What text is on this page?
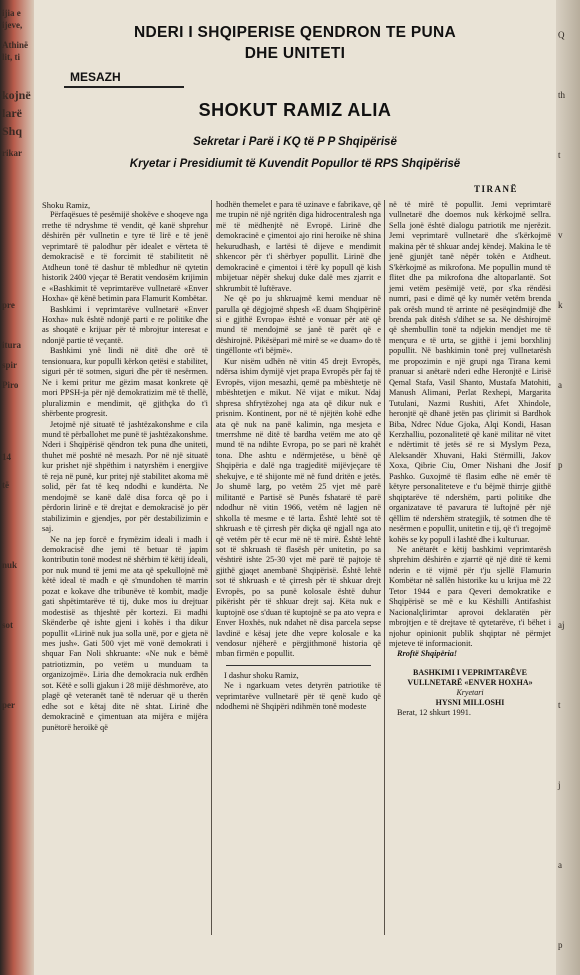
ijia e
ijeve,
Athinë
lit, ti
kojnë
larë
Shq
rikar
pre
itura
spir
Piro
14
të
nuk
sot
per
Q
th
t
v
k
a
p
aj
t
j
a
p
NDERI I SHQIPERISE QENDRON TE PUNA
DHE UNITETI
MESAZH
SHOKUT RAMIZ ALIA
Sekretar i Parë i KQ të P P Shqipërisë
Kryetar i Presidiumit të Kuvendit Popullor të RPS Shqipërisë
TIRANË

Shoku Ramiz,

Përfaqësues të pesëmijë shokëve e shoqeve nga rrethe të ndryshme të vendit, që kanë shprehur dëshirën për vullnetin e tyre të lirë e të jenë veprimtarë të palodhur për idealet e vërteta të demokracisë e të forcimit të stabilitetit në Atdheun tonë të dashur të mbledhur në qytetin historik 2400 vjeçar të Beratit vendosëm krijimin e «Bashkimit të veprimtarëve vullnetarë «Enver Hoxha» që kënë betimin para Flamurit Kombëtar.

Bashkimi i veprimtarëve vullnetarë «Enver Hoxha» nuk është ndonjë parti e re politike dhe as shoqatë e krijuar për të mbrojtur interesat e ndonjë partie të veçantë.

Bashkimi ynë lindi në ditë dhe orë të tensionuara, kur populli kërkon qetësi e stabilitet, siguri për të sotmen, siguri dhe për të nesërmen. Ne i kemi pritur me gëzim masat konkrete që mori PPSH-ja për një demokratizim më të thellë, pluralizmin e mendimit, që gjithçka do t'i shërbente progresit.

Jetojmë një situatë të jashtëzakonshme e cila mund të përballohet me punë të jashtëzakonshme. Nderi i Shqipërisë qëndron tek puna dhe uniteti, thuhet më poshtë në mesazh. Por në një situatë kur prishet një shpëthim i natyrshëm i energjive të reja në punë, kur pritej një stabilitet akoma më solid, për fat të keq ndodhi e kundërta. Ne mendojmë se kanë dalë disa forca që po i përdorin lirinë e të drejtat e demokracisë jo për stabilizimin e gjendjes, por për destabilizimin e saj.

Ne na jep forcë e frymëzim ideali i madh i demokracisë dhe jemi të betuar të japim kontributin tonë modest në shërbim të këtij ideali, por nuk mund të jemi me ata që spekullojnë më këtë ideal të madh e që s'mundohen të marrin pozat e kokave dhe tribunëve të kombit, madje gati shpëtimtarëve të tij, duke mos iu drejtuar modestisë as thjeshtë për kortezi. Ei madhi Skënderbe që ishte gjeni i kohës i tha dikur popullit «Lirinë nuk jua solla unë, por e gjeta në mes jush». Gati 500 vjet më vonë demokrati i shquar Fan Noli shkruante: «Ne nuk e bëmë patriotizmin, po vetëm u munduam ta organizojmë». Liria dhe demokracia nuk erdhën sot. Këtë e solli gjakun i 28 mijë dëshmorëve, ato plagë që veteranët tanë të nderuar që u therën edhe sot e këtaj dite në shtat. Lirinë dhe demokracinë e çimentuan ata mijëra e mijëra punëtorë heroikë që

hodhën themelet e para të uzinave e fabrikave, që me trupin në një ngritën diga hidrocentralesh nga më të mëdhenjtë në Evropë. Lirinë dhe demokracinë e çimentoi ajo rini heroike në shina hekurudhash, e lartësi të dijeve e mendimit shkencor për t'i shërbyer popullit. Lirinë dhe demokracinë e çimentoi i tërë ky popull që kish mbijetuar nëpër shekuj duke dalë mes zjarrit e shkrumbit të luftërave.

Ne që po ju shkruajmë kemi menduar në parulla që dëgjojmë shpesh «E duam Shqipërinë si e gjithë Evropa» është e vonuar për atë që mund të mendojmë se janë të parët që e dëshirojnë. Pikësëpari më mirë se «e duam» do të tingëllonte «t'i bëjmë».

Kur nisëm udhën në vitin 45 drejt Evropës, ndërsa ishim dymijë vjet prapa Evropës për faj të Evropës, vijon mesazhi, qemë pa mbështetje në mbështetjen e mikut. Në vijat e mikut. Ndaj shpresa shfrytëzohej nga ata që dikur nuk e prisnim. Kontinent, por në të njëjtën kohë edhe ata që nuk na panë kalimin, nga mesjeta e tmerrshme në ditë të bardha vetëm me ato që mund të na ndihte Evropa, po se pari në krahët tona. Dhe ashtu e ndërmjetëse, u bënë që Shqipëria e dalë nga tragjeditë mijëvjeçare të shekujve, e të shijonte më në fund dritën e jetës. Jo shumë larg, po vetëm 25 vjet më parë militantë e Partisë së Punës fshatarë të parë ndodhur në vitin 1966, vetëm në lagjen në shkolla të mesme e të larta. Është lehtë sot të shkruash e të çirresh për diçka që ngjall nga ato që vetëm për të ecur më në të mirë. Është lehtë sot të shkruash të flasësh për unitetin, po sa vështirë ishte 25-30 vjet më parë të pajtoje të gjithë gjaqet anembanë Shqipërisë. Është lehtë sot të shkruash e të çirresh për të shkuar drejt Evropës, po sa punë kolosale është duhur pikërisht për të shkuar drejt saj. Këta nuk e kuptojnë ose s'duan të kuptojnë se pa ato vepra e Enver Hoxhës, nuk ndahet në disa parcela sepse lavdinë e kësaj jete dhe vepre kolosale e ka vendosur njëherë e përgjithmonë historia që mban firmën e popullit.

I dashur shoku Ramiz,

Ne i ngarkuam vetes detyrën patriotike të veprimtarëve vullnetarë për të qenë kudo që ndodhemi në Shqipëri ndihmën tonë modeste

në të mirë të popullit. Jemi veprimtarë vullnetarë dhe doemos nuk kërkojmë sellra. Sella jonë është dialogu patriotik me njerëzit. Jemi veprimtarë vullnetarë dhe s'kërkojmë makina për të shkuar andej këndej. Makina le të jenë gjunjët tanë nëpër tokën e Atdheut. S'kërkojmë as mikrofona. Me popullin mund të flitet dhe pa mikrofona dhe altoparlantë. Sot jemi vetëm pesëmijë vetë, por s'ka rëndësi numri, pasi e dimë që ky numër vetëm brenda pak orësh mund të arrinte në pesëqindmijë dhe brenda pak ditësh s'dihet se sa. Ne dëshirojmë që shembullin tonë ta ndjekin mendjet me të mençura e të urta, se gjithë i jemi borxhlinj popullit. Në bashkimin tonë prej vullnetarësh me propozimin e një grupi nga Tirana kemi pranuar si anëtarë nderi edhe Heronjtë e Lirisë Qemal Stafa, Vasil Shanto, Mustafa Matohiti, Manush Alimani, Perlat Rexhepi, Margarita Tutulani, Nazmi Rushiti, Afet Xhindole, heronjtë që dhanë jetën pas çlirimit si Bardhok Biba, Ndrec Ndue Gjoka, Alqi Kondi, Hasan Kerzhalliu, pozonalitetë që kanë militar në vitet e ndërtimit të jetës së re si Myslym Peza, Aleksandër Xhuvani, Haki Stërmilli, Jakov Xoxa, Qibrie Ciu, Omer Nishani dhe Josif Pashko. Guxojmë të flasim edhe në emër të këtyre personaliteteve e t'u bëjmë thirrje gjithë shqiptarëve të ndershëm, parti politike dhe organizatave të pavarura të luftojnë për një qëllim të ndershëm strategjik, të sotmen dhe të nesërmen e popullit, unitetin e tij, që t'i tregojmë kohës se ky popull i lashtë dhe i kulturuar.

Ne anëtarët e këtij bashkimi veprimtarësh shprehim dëshirën e zjarrtë që një ditë të kemi nderin e të vijmë për t'ju sjellë Flamurin Kombëtar në sallën historike ku u krijua më 22 Tetor 1944 e para Qeveri demokratike e Shqipërisë se më e ku Këshilli Antifashist Nacionalçlirimtar aprovoi deklaratën për mbrojtjen e të drejtave të qytetarëve, t'i bëhet i njohur opinionit publik shqiptar në përmjet mjeteve të informacionit.

Rroftë Shqipëria!

BASHKIMI I VEPRIMTARËVE
VULLNETARË «ENVER HOXHA»
Kryetari
HYSNI MILLOSHI

Berat, 12 shkurt 1991.
